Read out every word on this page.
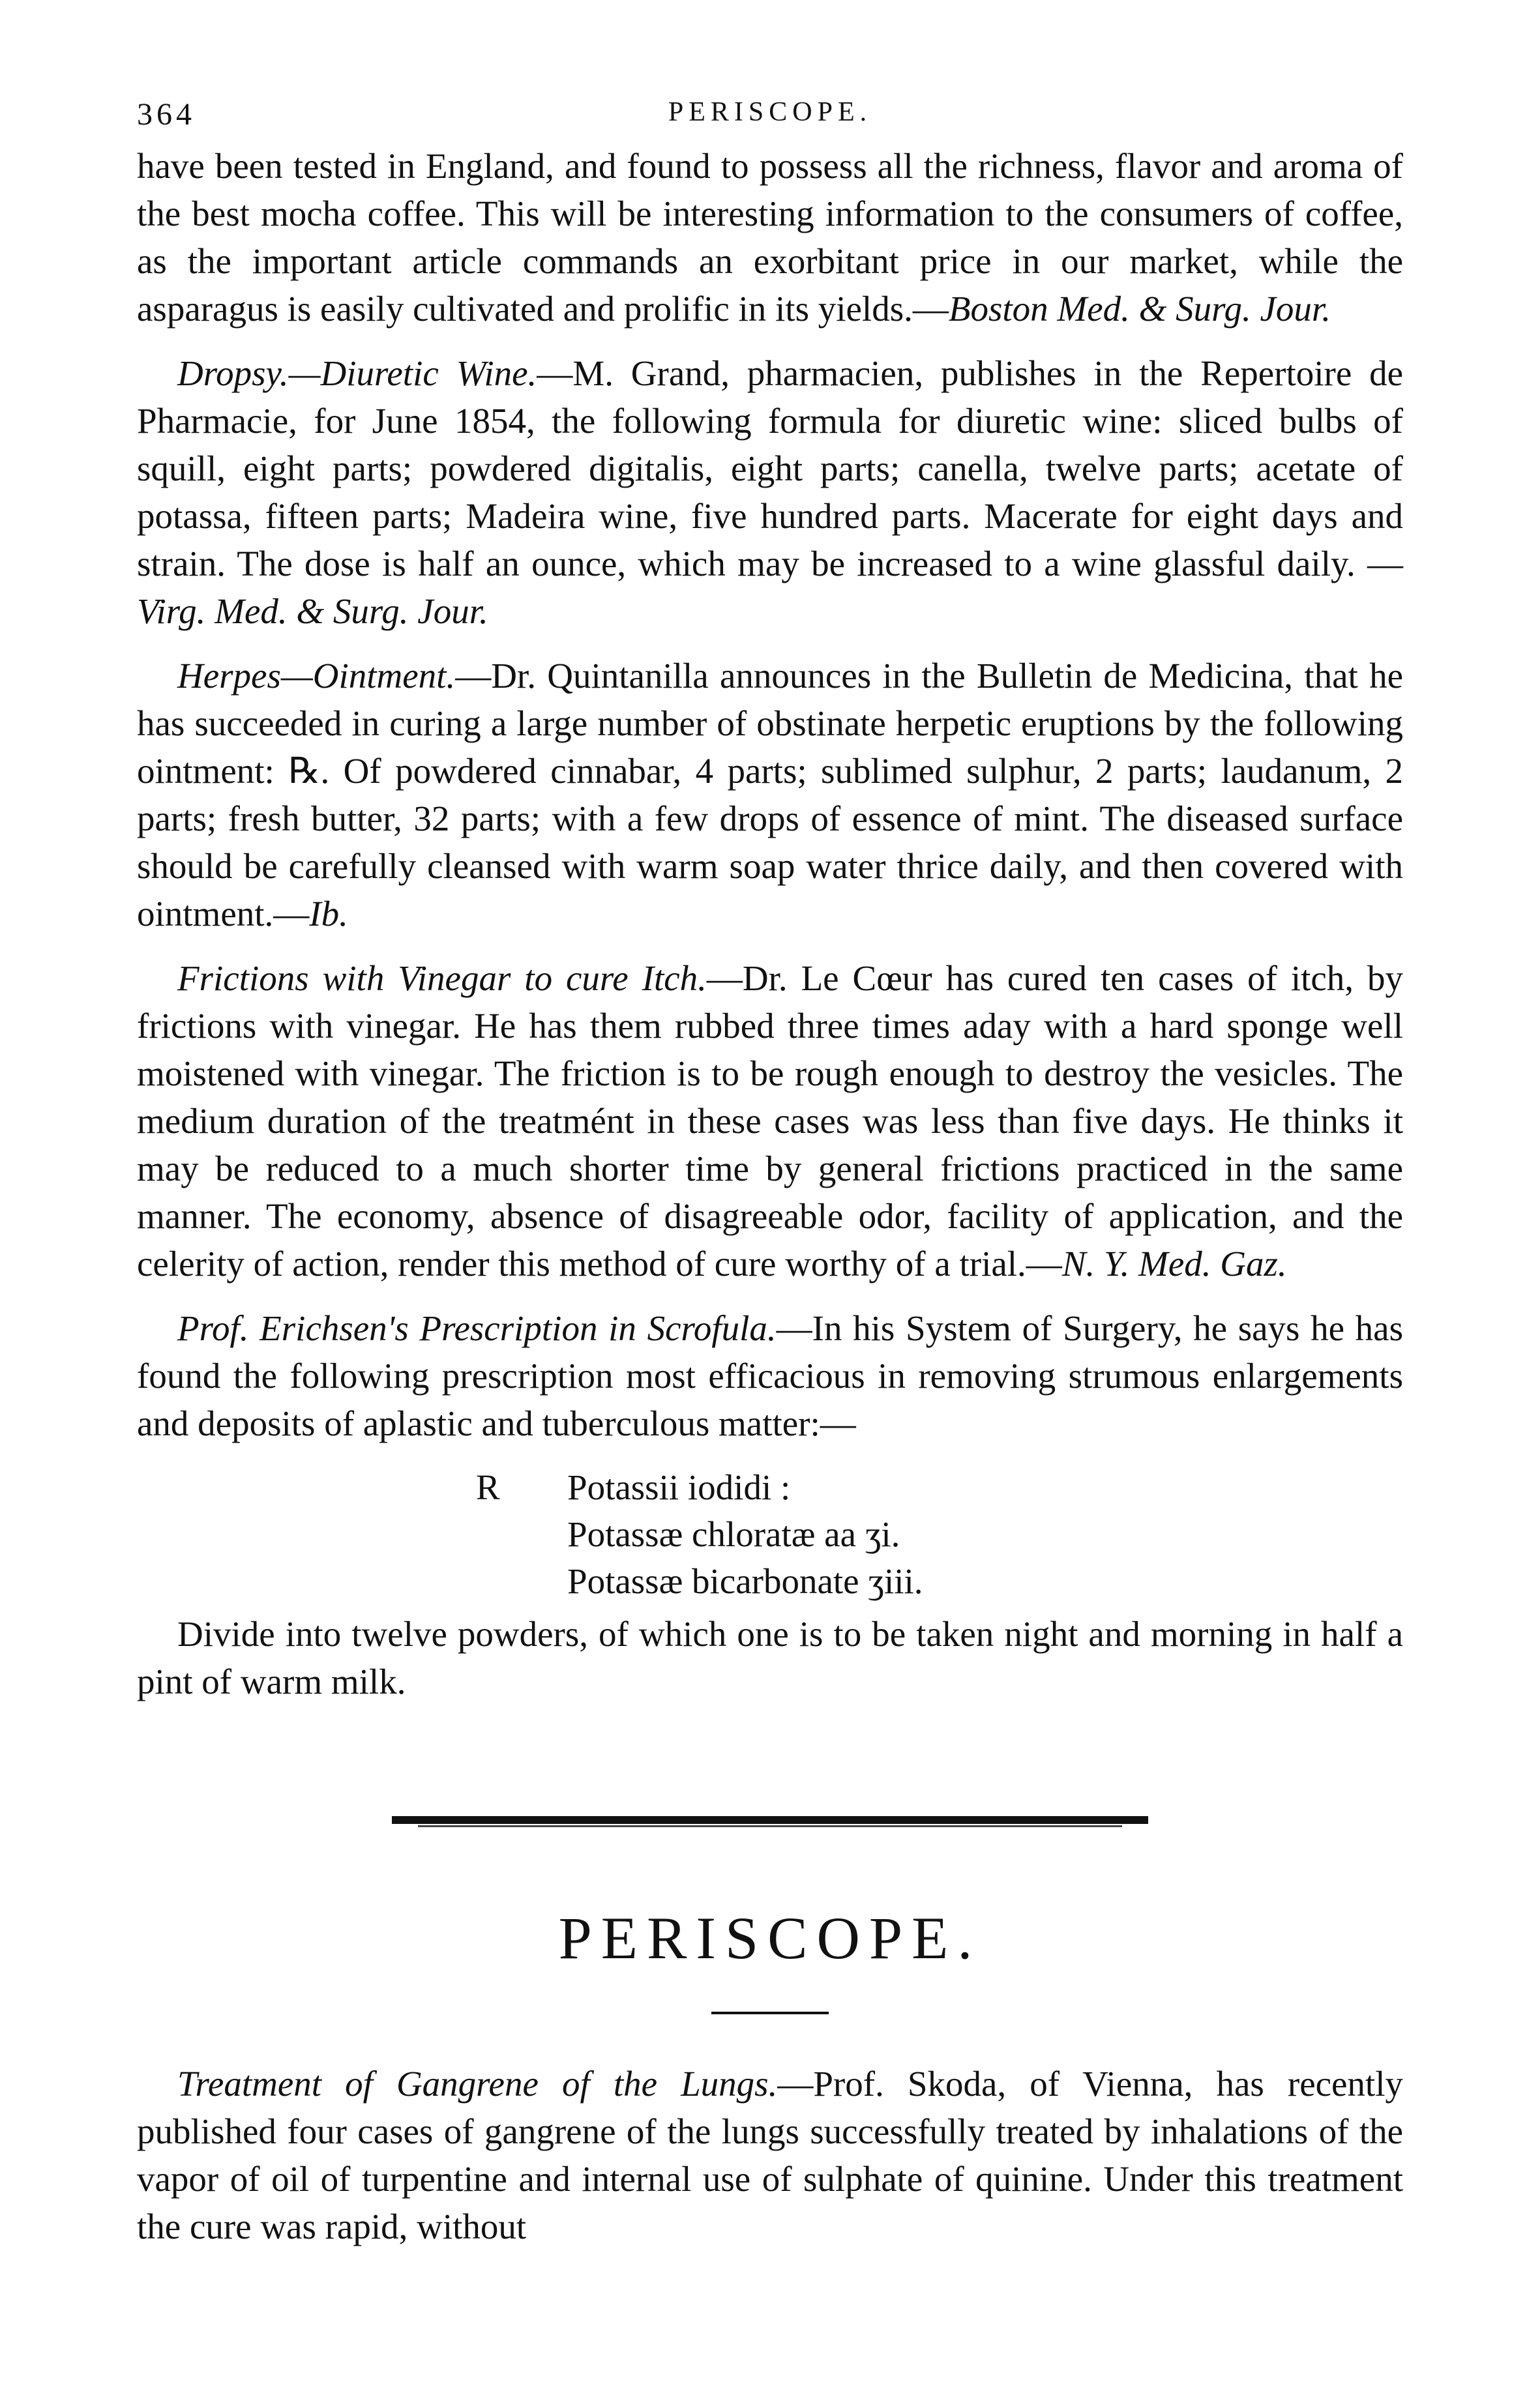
364	PERISCOPE.

have been tested in England, and found to possess all the richness, flavor and aroma of the best mocha coffee. This will be interesting information to the consumers of coffee, as the important article commands an exorbitant price in our market, while the asparagus is easily cultivated and prolific in its yields.—Boston Med. & Surg. Jour.

Dropsy.—Diuretic Wine.—M. Grand, pharmacien, publishes in the Repertoire de Pharmacie, for June 1854, the following formula for diuretic wine: sliced bulbs of squill, eight parts; powdered digitalis, eight parts; canella, twelve parts; acetate of potassa, fifteen parts; Madeira wine, five hundred parts. Macerate for eight days and strain. The dose is half an ounce, which may be increased to a wine glassful daily. —Virg. Med. & Surg. Jour.

Herpes—Ointment.—Dr. Quintanilla announces in the Bulletin de Medicina, that he has succeeded in curing a large number of obstinate herpetic eruptions by the following ointment: ℞. Of powdered cinnabar, 4 parts; sublimed sulphur, 2 parts; laudanum, 2 parts; fresh butter, 32 parts; with a few drops of essence of mint. The diseased surface should be carefully cleansed with warm soap water thrice daily, and then covered with ointment.—Ib.

Frictions with Vinegar to cure Itch.—Dr. Le Cœur has cured ten cases of itch, by frictions with vinegar. He has them rubbed three times aday with a hard sponge well moistened with vinegar. The friction is to be rough enough to destroy the vesicles. The medium duration of the treatmént in these cases was less than five days. He thinks it may be reduced to a much shorter time by general frictions practiced in the same manner. The economy, absence of disagreeable odor, facility of application, and the celerity of action, render this method of cure worthy of a trial.—N. Y. Med. Gaz.

Prof. Erichsen's Prescription in Scrofula.—In his System of Surgery, he says he has found the following prescription most efficacious in removing strumous enlargements and deposits of aplastic and tuberculous matter:—

R Potassii iodidi :
Potassæ chloratæ aa ʒi.
Potassæ bicarbonate ʒiii.

Divide into twelve powders, of which one is to be taken night and morning in half a pint of warm milk.

PERISCOPE.

Treatment of Gangrene of the Lungs.—Prof. Skoda, of Vienna, has recently published four cases of gangrene of the lungs successfully treated by inhalations of the vapor of oil of turpentine and internal use of sulphate of quinine. Under this treatment the cure was rapid, without
